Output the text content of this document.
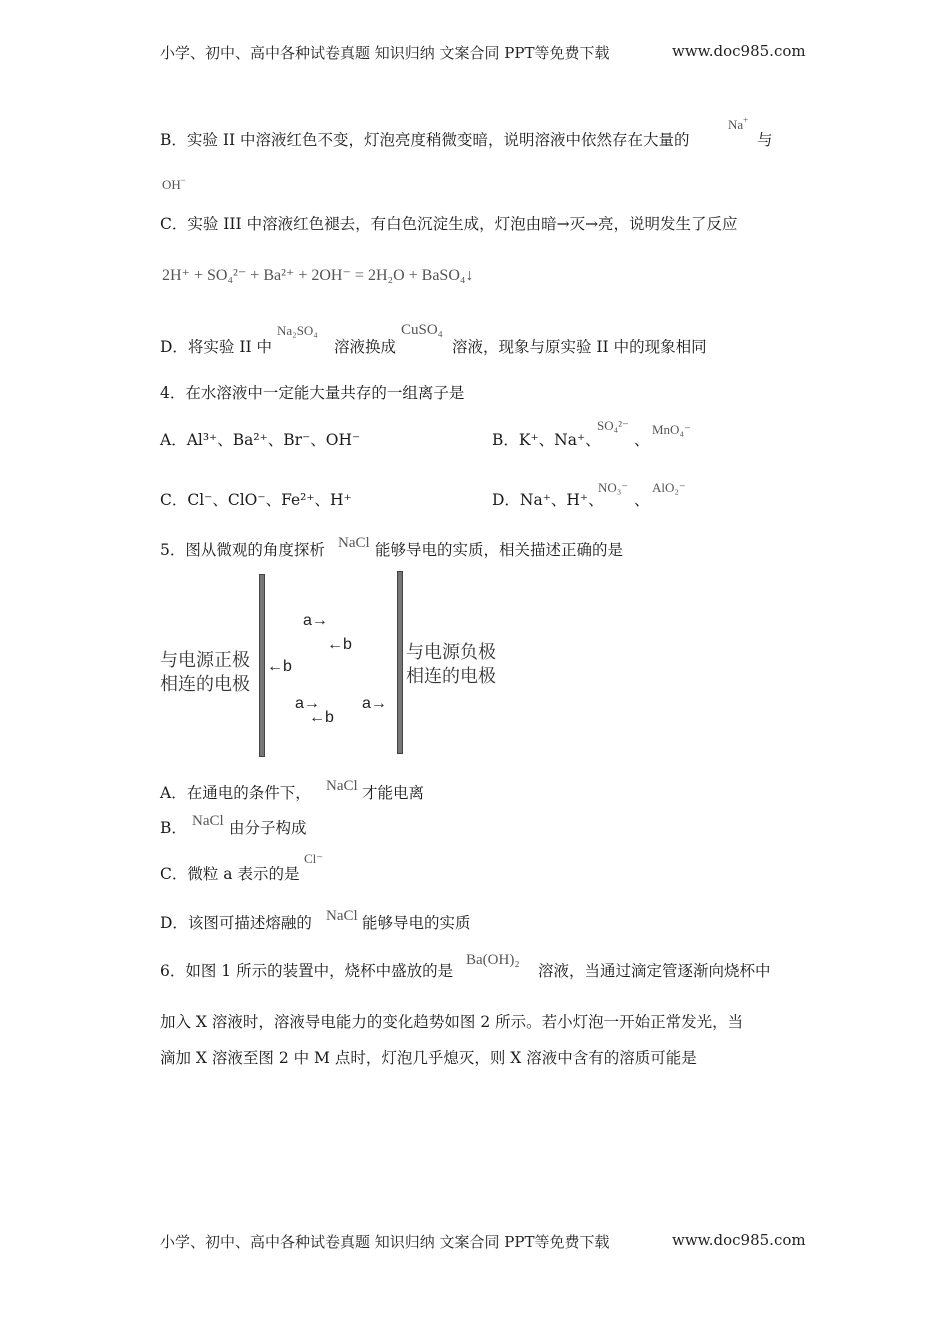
小学、初中、高中各种试卷真题 知识归纳 文案合同 PPT等免费下载	www.doc985.com
B．实验 II 中溶液红色不变，灯泡亮度稍微变暗，说明溶液中依然存在大量的
Na+
与
OH−
C．实验 III 中溶液红色褪去，有白色沉淀生成，灯泡由暗→灭→亮，说明发生了反应
2H⁺ + SO₄²⁻ + Ba²⁺ + 2OH⁻ = 2H₂O + BaSO₄↓
D．将实验 II 中
Na₂SO₄
溶液换成
CuSO₄
溶液，现象与原实验 II 中的现象相同
4．在水溶液中一定能大量共存的一组离子是
A．Al³⁺、Ba²⁺、Br⁻、OH⁻	B．K⁺、Na⁺、
SO₄²⁻
、
MnO₄⁻
C．Cl⁻、ClO⁻、Fe²⁺、H⁺	D．Na⁺、H⁺、
NO₃⁻
、
AlO₂⁻
5．图从微观的角度探析 NaCl 能够导电的实质，相关描述正确的是
与电源正极
相连的电极
与电源负极
相连的电极
a→
←b
←b
a→
←b
a→
A．在通电的条件下， NaCl 才能电离
B． NaCl 由分子构成
C．微粒 a 表示的是
Cl⁻
D．该图可描述熔融的 NaCl 能够导电的实质
6．如图 1 所示的装置中，烧杯中盛放的是
Ba(OH)₂
溶液，当通过滴定管逐渐向烧杯中
加入 X 溶液时，溶液导电能力的变化趋势如图 2 所示。若小灯泡一开始正常发光，当
滴加 X 溶液至图 2 中 M 点时，灯泡几乎熄灭，则 X 溶液中含有的溶质可能是
小学、初中、高中各种试卷真题 知识归纳 文案合同 PPT等免费下载	www.doc985.com
